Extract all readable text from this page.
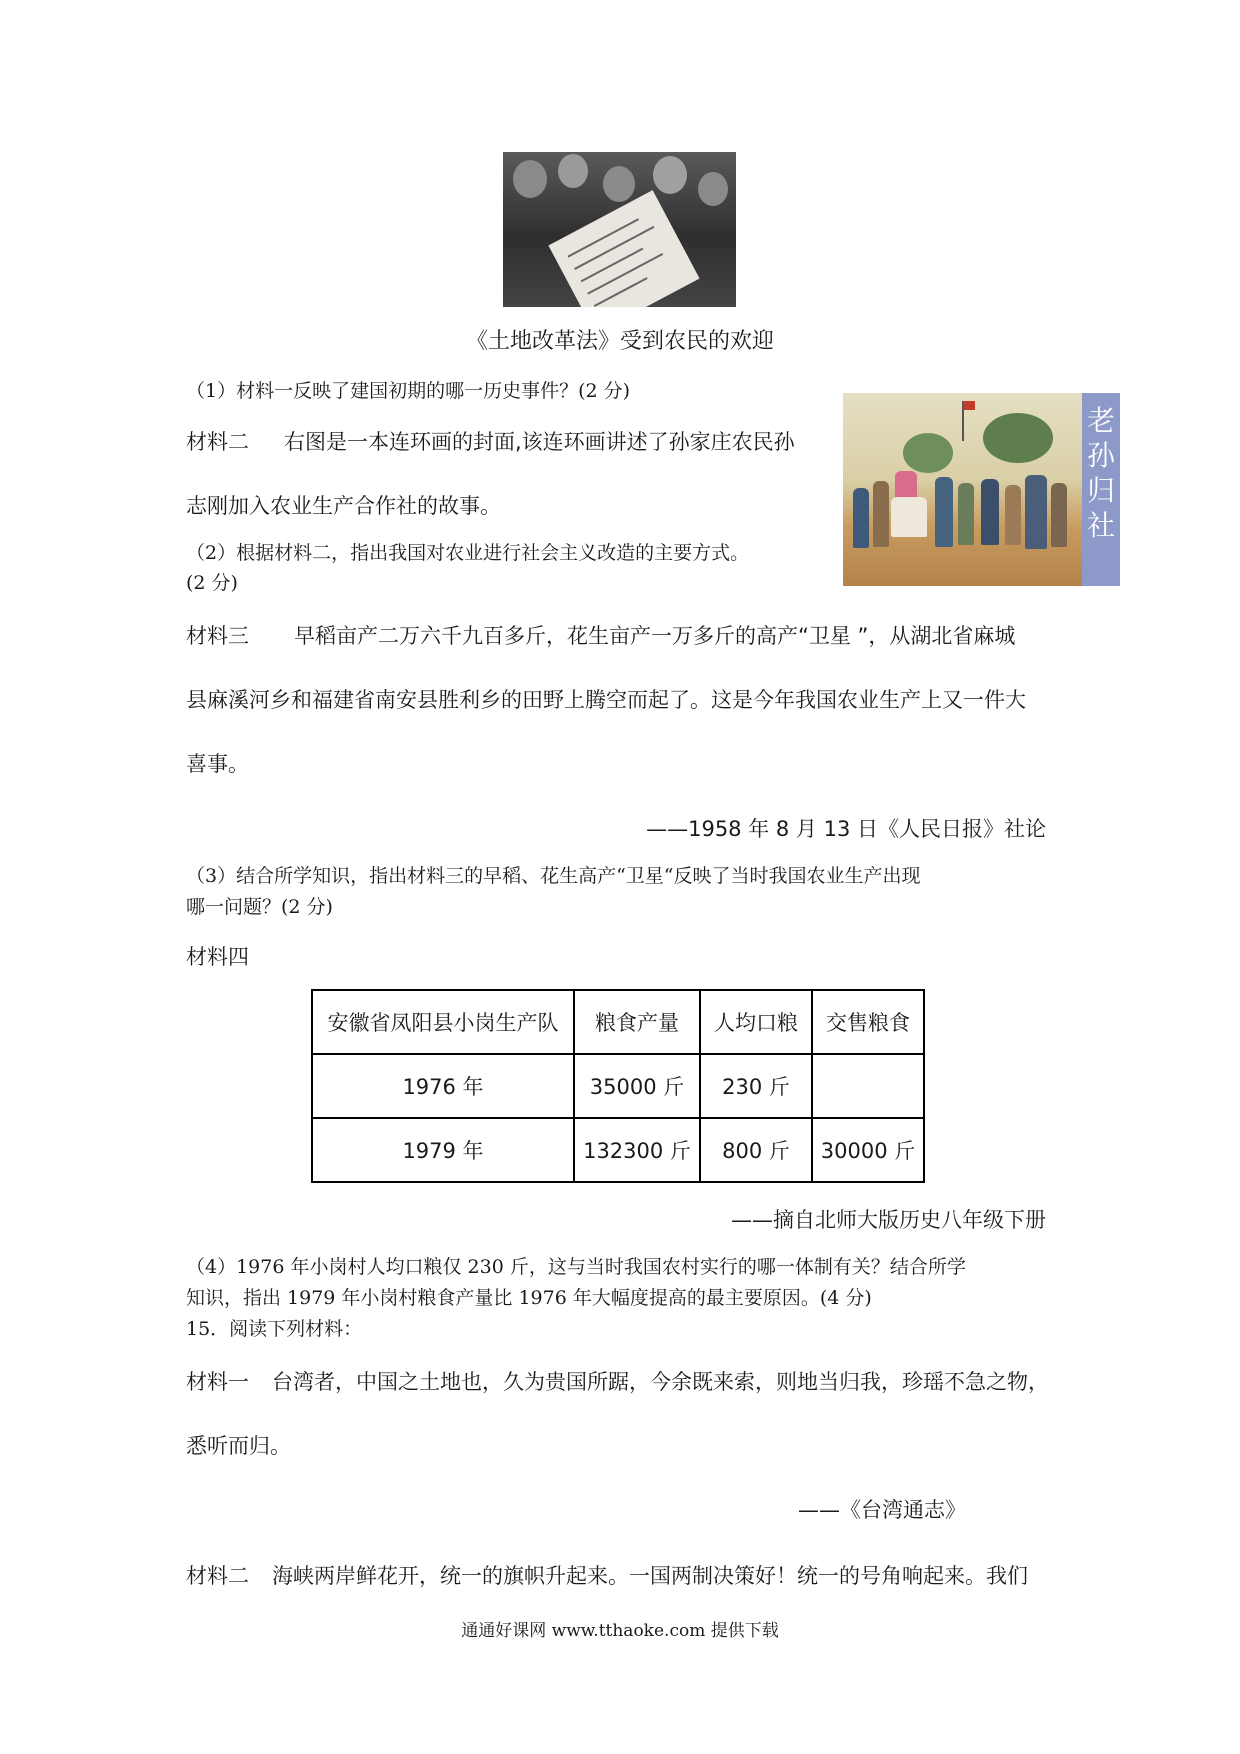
《土地改革法》受到农民的欢迎
（1）材料一反映了建国初期的哪一历史事件？(2 分)
老
孙
归
社
材料二 右图是一本连环画的封面,该连环画讲述了孙家庄农民孙
志刚加入农业生产合作社的故事。
（2）根据材料二，指出我国对农业进行社会主义改造的主要方式。
(2 分)
材料三 早稻亩产二万六千九百多斤，花生亩产一万多斤的高产“卫星 ”，从湖北省麻城
县麻溪河乡和福建省南安县胜利乡的田野上腾空而起了。这是今年我国农业生产上又一件大
喜事。
——1958 年 8 月 13 日《人民日报》社论
（3）结合所学知识，指出材料三的早稻、花生高产“卫星“反映了当时我国农业生产出现
哪一问题？(2 分)
材料四
安徽省凤阳县小岗生产队	粮食产量	人均口粮	交售粮食
1976 年	35000 斤	230 斤	
1979 年	132300 斤	800 斤	30000 斤
——摘自北师大版历史八年级下册
（4）1976 年小岗村人均口粮仅 230 斤，这与当时我国农村实行的哪一体制有关？结合所学
知识，指出 1979 年小岗村粮食产量比 1976 年大幅度提高的最主要原因。(4 分)
15．阅读下列材料：
材料一 台湾者，中国之土地也，久为贵国所踞，今余既来索，则地当归我，珍瑶不急之物，
悉听而归。
——《台湾通志》
材料二 海峡两岸鲜花开，统一的旗帜升起来。一国两制决策好！统一的号角响起来。我们
通通好课网 www.tthaoke.com 提供下载
